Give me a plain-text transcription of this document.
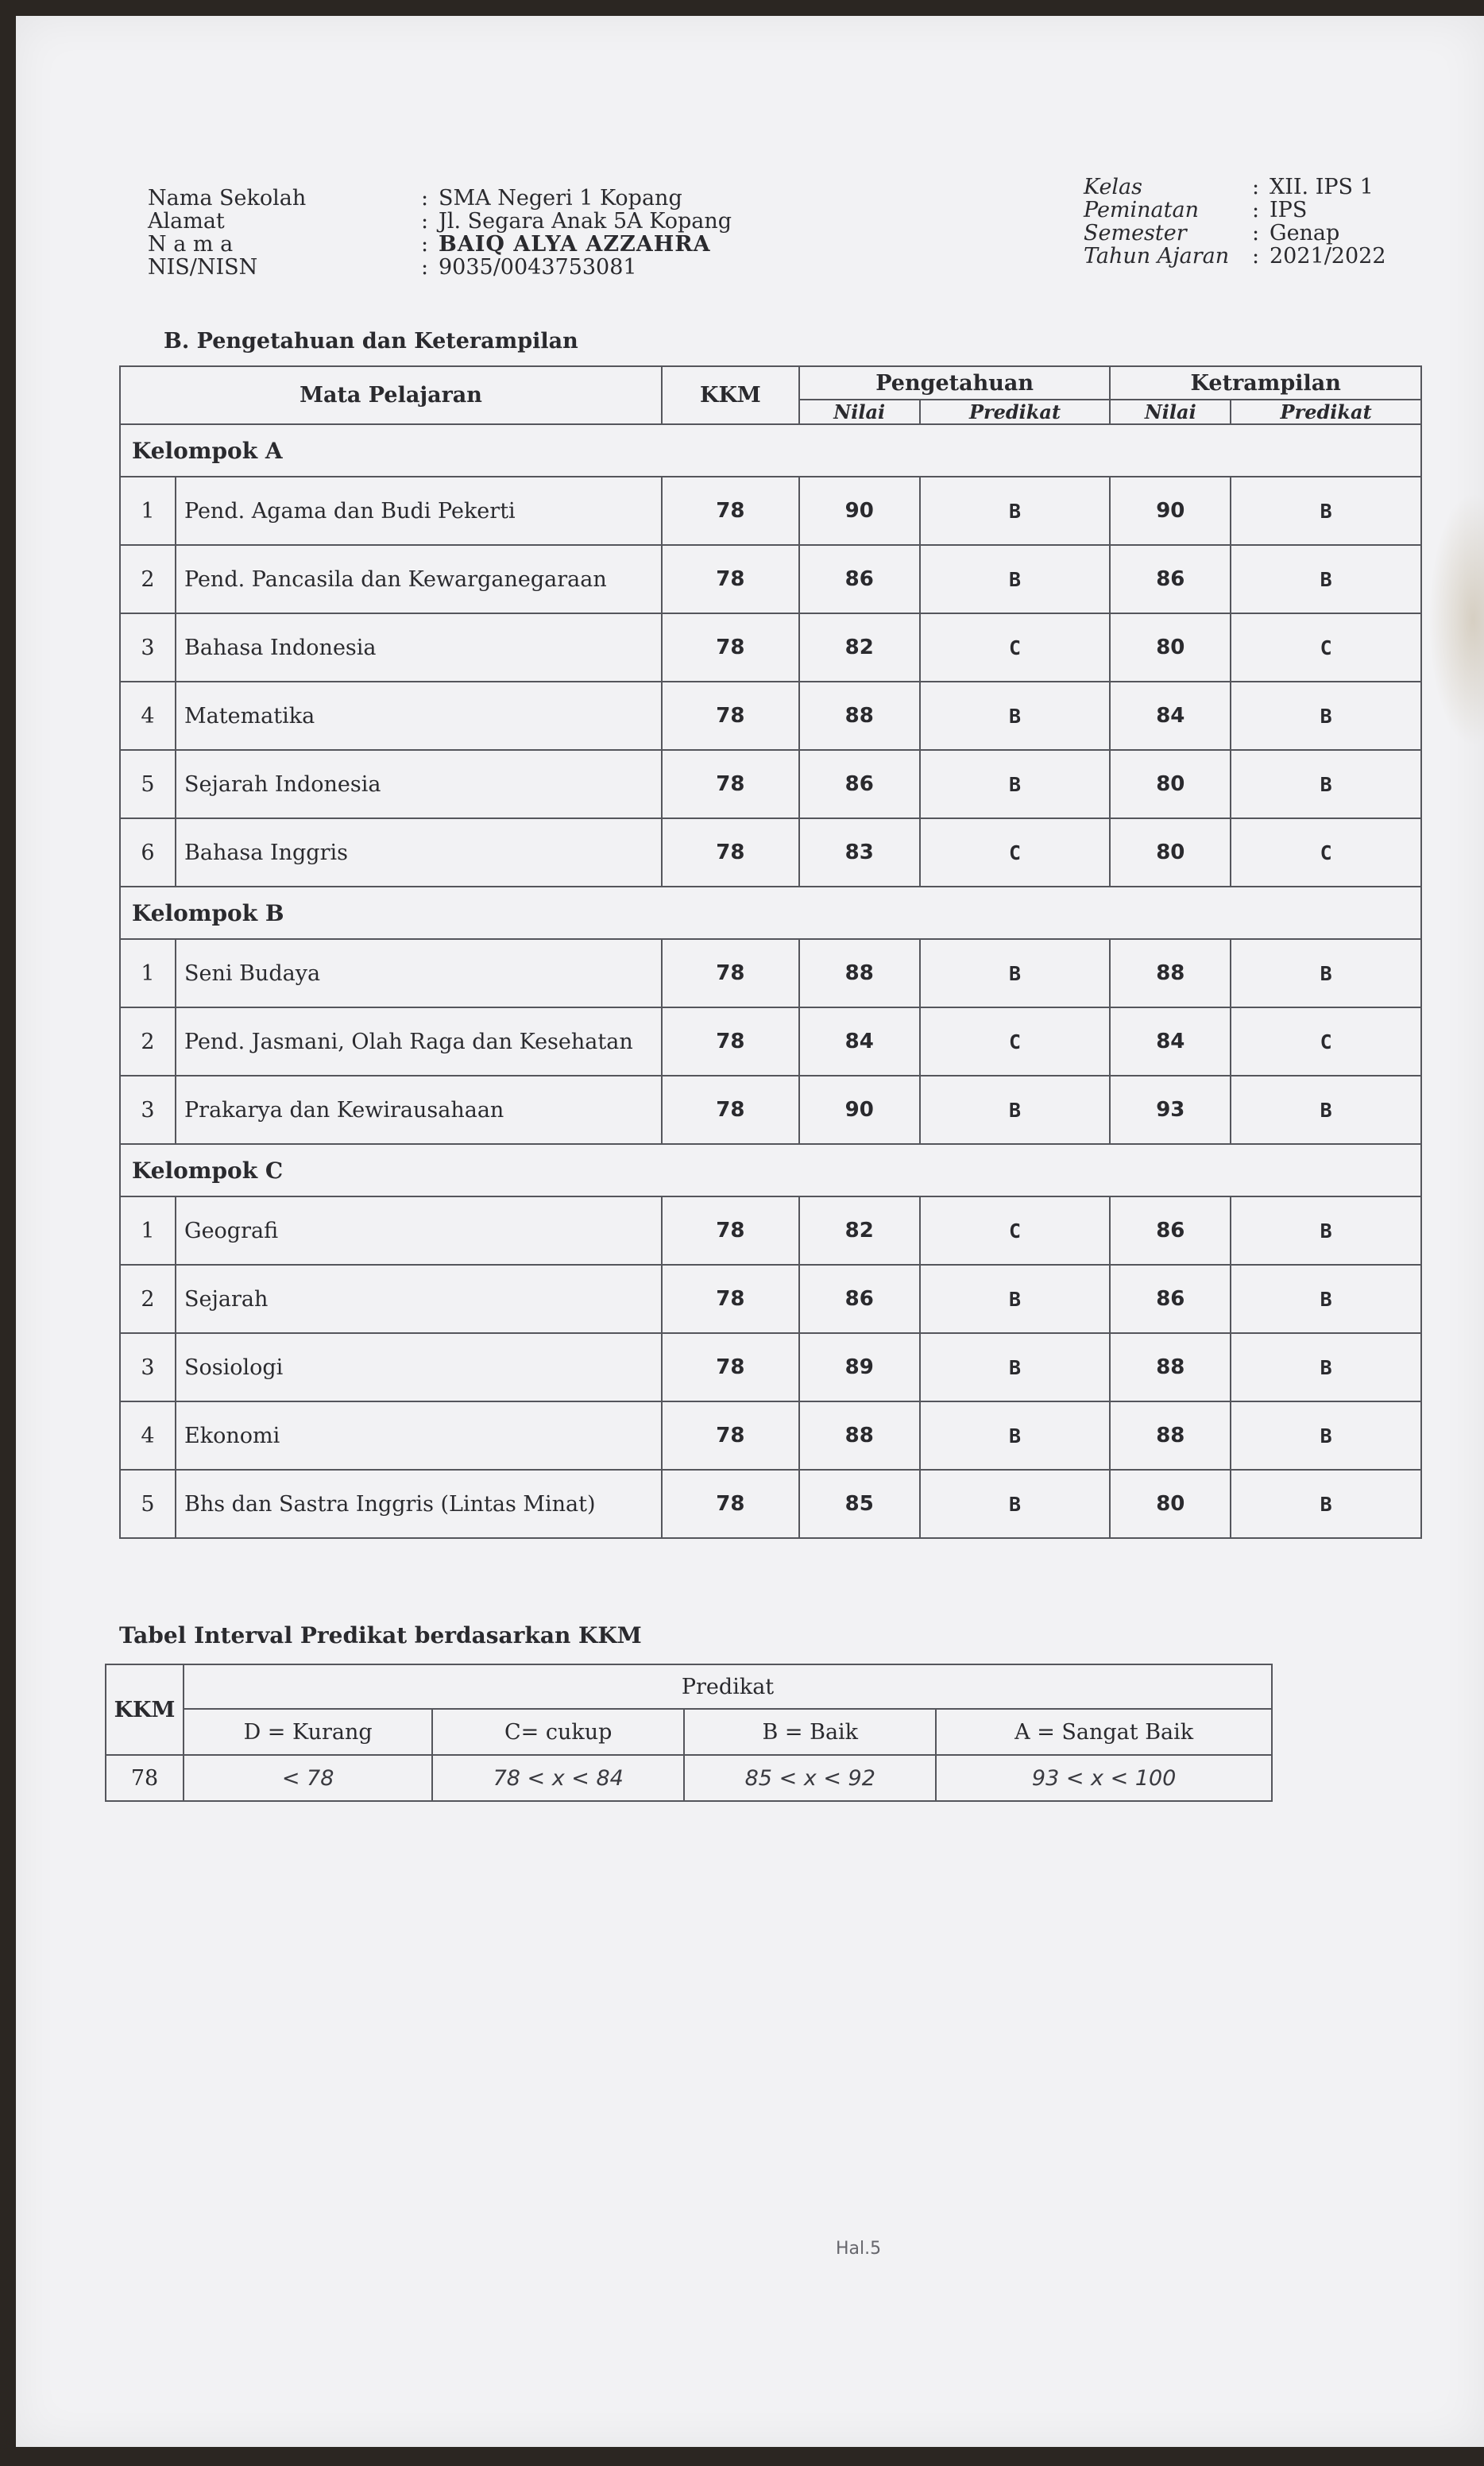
Nama Sekolah	: SMA Negeri 1 Kopang
Alamat	: Jl. Segara Anak 5A Kopang
N a m a	: BAIQ ALYA AZZAHRA
NIS/NISN	: 9035/0043753081
Kelas	: XII. IPS 1
Peminatan	: IPS
Semester	: Genap
Tahun Ajaran	: 2021/2022
B. Pengetahuan dan Keterampilan
Mata Pelajaran		KKM	Pengetahuan		Ketrampilan	
			Nilai	Predikat	Nilai	Predikat
Kelompok A						
1	Pend. Agama dan Budi Pekerti	78	90	B	90	B
2	Pend. Pancasila dan Kewarganegaraan	78	86	B	86	B
3	Bahasa Indonesia	78	82	C	80	C
4	Matematika	78	88	B	84	B
5	Sejarah Indonesia	78	86	B	80	B
6	Bahasa Inggris	78	83	C	80	C
Kelompok B						
1	Seni Budaya	78	88	B	88	B
2	Pend. Jasmani, Olah Raga dan Kesehatan	78	84	C	84	C
3	Prakarya dan Kewirausahaan	78	90	B	93	B
Kelompok C						
1	Geografi	78	82	C	86	B
2	Sejarah	78	86	B	86	B
3	Sosiologi	78	89	B	88	B
4	Ekonomi	78	88	B	88	B
5	Bhs dan Sastra Inggris (Lintas Minat)	78	85	B	80	B
Tabel Interval Predikat berdasarkan KKM
KKM	Predikat			
	D = Kurang	C= cukup	B = Baik	A = Sangat Baik
78	< 78	78 < x < 84	85 < x < 92	93 < x < 100
Hal.5
